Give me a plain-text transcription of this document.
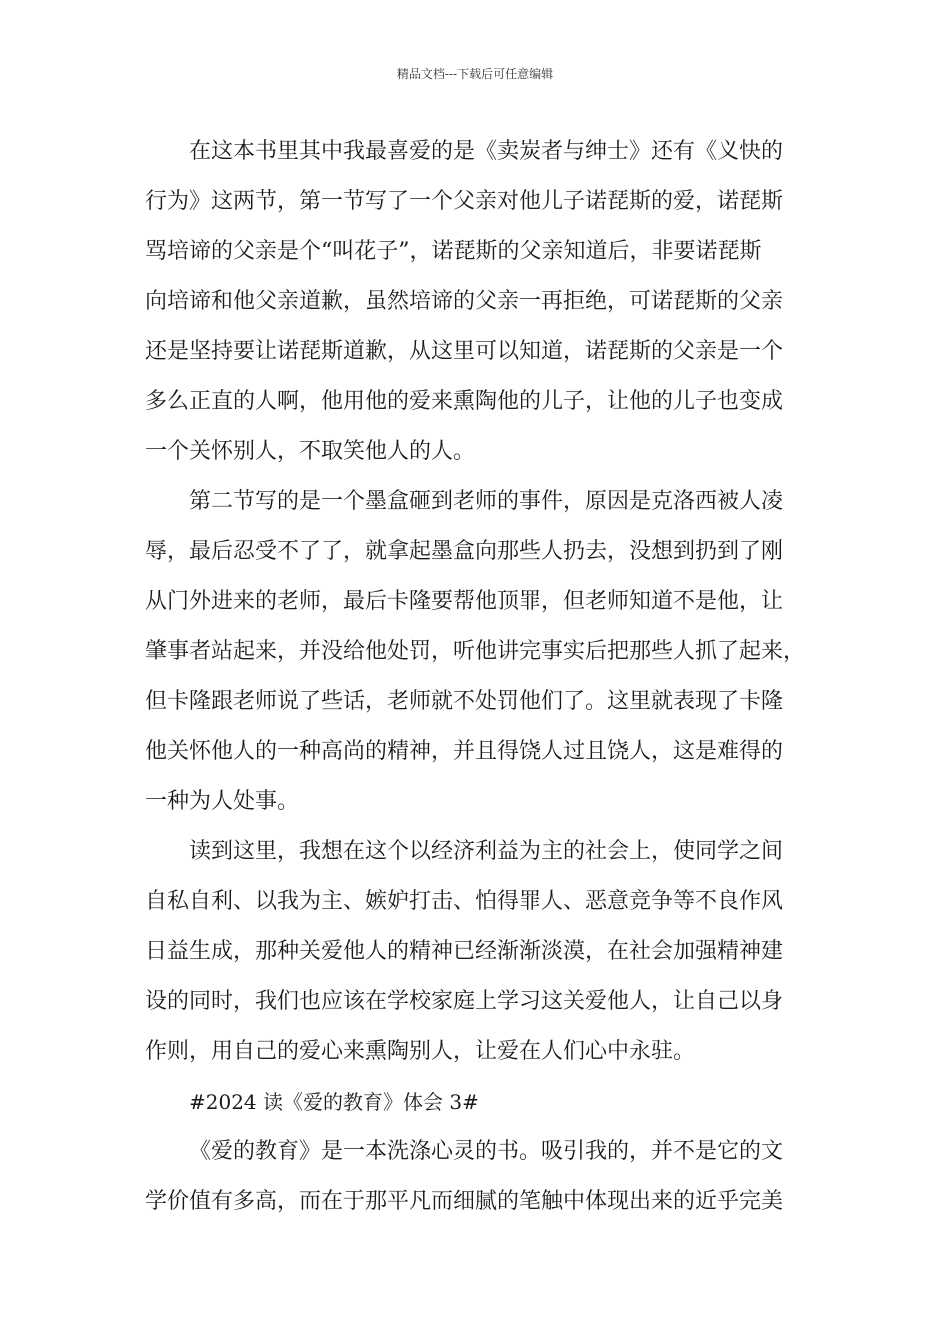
精品文档---下载后可任意编辑
在这本书里其中我最喜爱的是《卖炭者与绅士》还有《义快的
行为》这两节，第一节写了一个父亲对他儿子诺琵斯的爱，诺琵斯
骂培谛的父亲是个“叫花子”，诺琵斯的父亲知道后，非要诺琵斯
向培谛和他父亲道歉，虽然培谛的父亲一再拒绝，可诺琵斯的父亲
还是坚持要让诺琵斯道歉，从这里可以知道，诺琵斯的父亲是一个
多么正直的人啊，他用他的爱来熏陶他的儿子，让他的儿子也变成
一个关怀别人，不取笑他人的人。
第二节写的是一个墨盒砸到老师的事件，原因是克洛西被人凌
辱，最后忍受不了了，就拿起墨盒向那些人扔去，没想到扔到了刚
从门外进来的老师，最后卡隆要帮他顶罪，但老师知道不是他，让
肇事者站起来，并没给他处罚，听他讲完事实后把那些人抓了起来，
但卡隆跟老师说了些话，老师就不处罚他们了。这里就表现了卡隆
他关怀他人的一种高尚的精神，并且得饶人过且饶人，这是难得的
一种为人处事。
读到这里，我想在这个以经济利益为主的社会上，使同学之间
自私自利、以我为主、嫉妒打击、怕得罪人、恶意竞争等不良作风
日益生成，那种关爱他人的精神已经渐渐淡漠，在社会加强精神建
设的同时，我们也应该在学校家庭上学习这关爱他人，让自己以身
作则，用自己的爱心来熏陶别人，让爱在人们心中永驻。
#2024 读《爱的教育》体会 3#
《爱的教育》是一本洗涤心灵的书。吸引我的，并不是它的文
学价值有多高，而在于那平凡而细腻的笔触中体现出来的近乎完美
